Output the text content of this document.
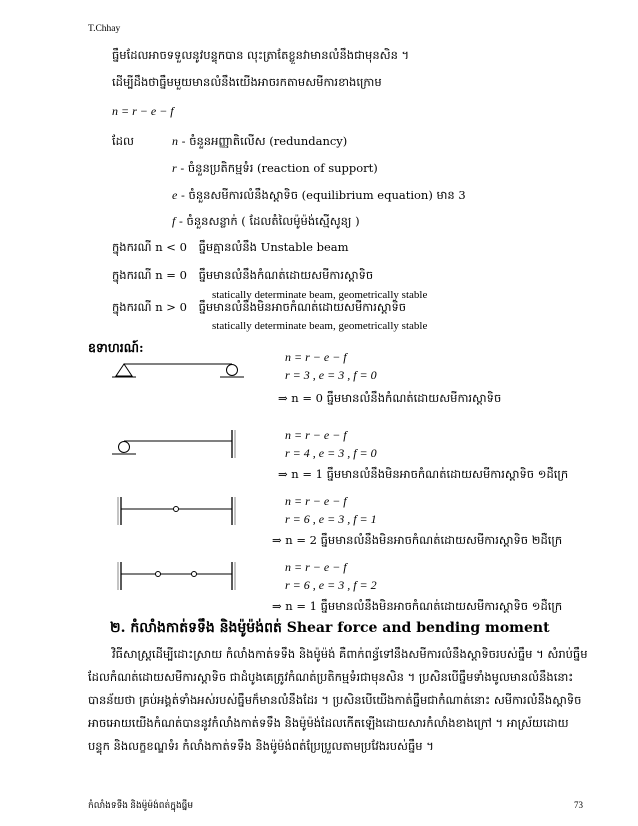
T.Chhay
ធ្នឹមដែលអាចទទួលនូវបន្ទុកបាន លុះត្រាតែខ្លួនវាមានលំនឹងជាមុនសិន ។
ដើម្បីដឹងថាធ្នឹមមួយមានលំនឹងយើងអាចរកតាមសមីការខាងក្រោម
n = r − e − f
ដែល	n - ចំនួនអញ្ញាតិលើស (redundancy)
r - ចំនួនប្រតិកម្មទំរ (reaction of support)
e - ចំនួនសមីការលំនឹងស្តាទិច (equilibrium equation) មាន 3
f - ចំនួនសន្លាក់ ( ដែលតំលៃម៉ូម៉ង់ស្មើសូន្យ )
ក្នុងករណី n < 0 ធ្នឹមគ្មានលំនឹង Unstable beam
ក្នុងករណី n = 0 ធ្នឹមមានលំនឹងកំណត់ដោយសមីការស្តាទិច
statically determinate beam, geometrically stable
ក្នុងករណី n > 0 ធ្នឹមមានលំនឹងមិនអាចកំណត់ដោយសមីការស្តាទិច
statically determinate beam, geometrically stable
ឧទាហរណ៍:
n = r − e − f
r = 3 , e = 3 , f = 0
⇒ n = 0 ធ្នឹមមានលំនឹងកំណត់ដោយសមីការស្តាទិច
n = r − e − f
r = 4 , e = 3 , f = 0
⇒ n = 1 ធ្នឹមមានលំនឹងមិនអាចកំណត់ដោយសមីការស្តាទិច ១ដឺក្រេ
n = r − e − f
r = 6 , e = 3 , f = 1
⇒ n = 2 ធ្នឹមមានលំនឹងមិនអាចកំណត់ដោយសមីការស្តាទិច ២ដឺក្រេ
n = r − e − f
r = 6 , e = 3 , f = 2
⇒ n = 1 ធ្នឹមមានលំនឹងមិនអាចកំណត់ដោយសមីការស្តាទិច ១ដឺក្រេ
២. កំលាំងកាត់ទទឹង និងម៉ូម៉ង់ពត់ Shear force and bending moment
វិធីសាស្ត្រដើម្បីដោះស្រាយ កំលាំងកាត់ទទឹង និងម៉ូម៉ង់ គឺពាក់ពន្ធ័ទៅនឹងសមីការលំនឹងស្តាទិចរបស់ធ្នឹម ។ សំរាប់ធ្នឹមដែលកំណត់ដោយសមីការស្តាទិច ជាដំបូងគេត្រូវកំណត់ប្រតិកម្មទំរជាមុនសិន ។ ប្រសិនបើធ្នឹមទាំងមូលមានលំនឹងនោះបានន័យថា គ្រប់អង្គត់ទាំងអស់របស់ធ្នឹមក៏មានលំនឹងដែរ ។ ប្រសិនបើយើងកាត់ធ្នឹមជាកំណាត់នោះ សមីការលំនឹងស្តាទិចអាចអោយយើងកំណត់បាននូវកំលាំងកាត់ទទឹង និងម៉ូម៉ង់ដែលកើតឡើងដោយសារកំលាំងខាងក្រៅ ។ អាស្រ័យដោយបន្ទុក និងលក្ខខណ្ឌទំរ កំលាំងកាត់ទទឹង និងម៉ូម៉ង់ពត់ប្រែប្រួលតាមប្រវែងរបស់ធ្នឹម ។
កំលាំងទទឹង និងម៉ូម៉ង់ពត់ក្នុងធ្នឹម	73
